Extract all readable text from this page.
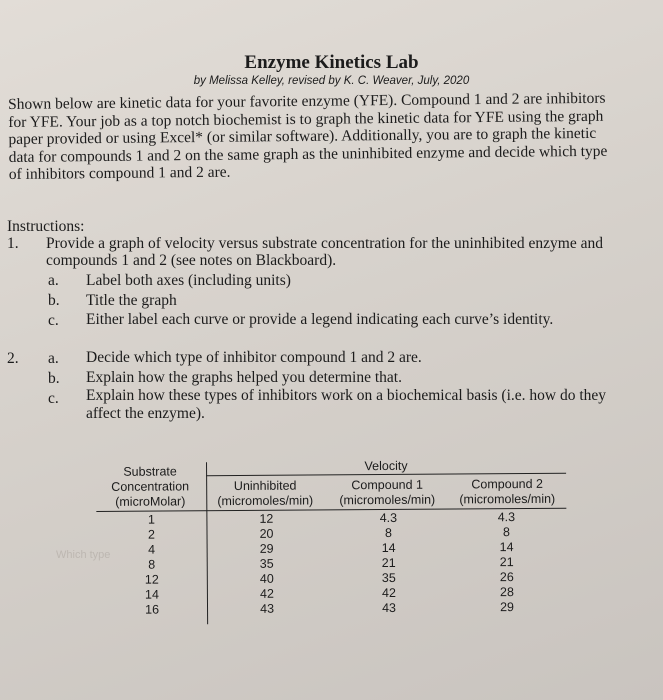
Enzyme Kinetics Lab
by Melissa Kelley, revised by K. C. Weaver, July, 2020
Shown below are kinetic data for your favorite enzyme (YFE). Compound 1 and 2 are inhibitors
for YFE. Your job as a top notch biochemist is to graph the kinetic data for YFE using the graph
paper provided or using Excel* (or similar software). Additionally, you are to graph the kinetic
data for compounds 1 and 2 on the same graph as the uninhibited enzyme and decide which type
of inhibitors compound 1 and 2 are.
Instructions:
1. Provide a graph of velocity versus substrate concentration for the uninhibited enzyme and
compounds 1 and 2 (see notes on Blackboard).
a. Label both axes (including units)
b. Title the graph
c. Either label each curve or provide a legend indicating each curve’s identity.
2. a. Decide which type of inhibitor compound 1 and 2 are.
b. Explain how the graphs helped you determine that.
c. Explain how these types of inhibitors work on a biochemical basis (i.e. how do they
affect the enzyme).
Which type
Substrate
Concentration
(microMolar)
Velocity
Uninhibited
(micromoles/min)
Compound 1
(micromoles/min)
Compound 2
(micromoles/min)
1
2
4
8
12
14
16
12
20
29
35
40
42
43
4.3
8
14
21
35
42
43
4.3
8
14
21
26
28
29
